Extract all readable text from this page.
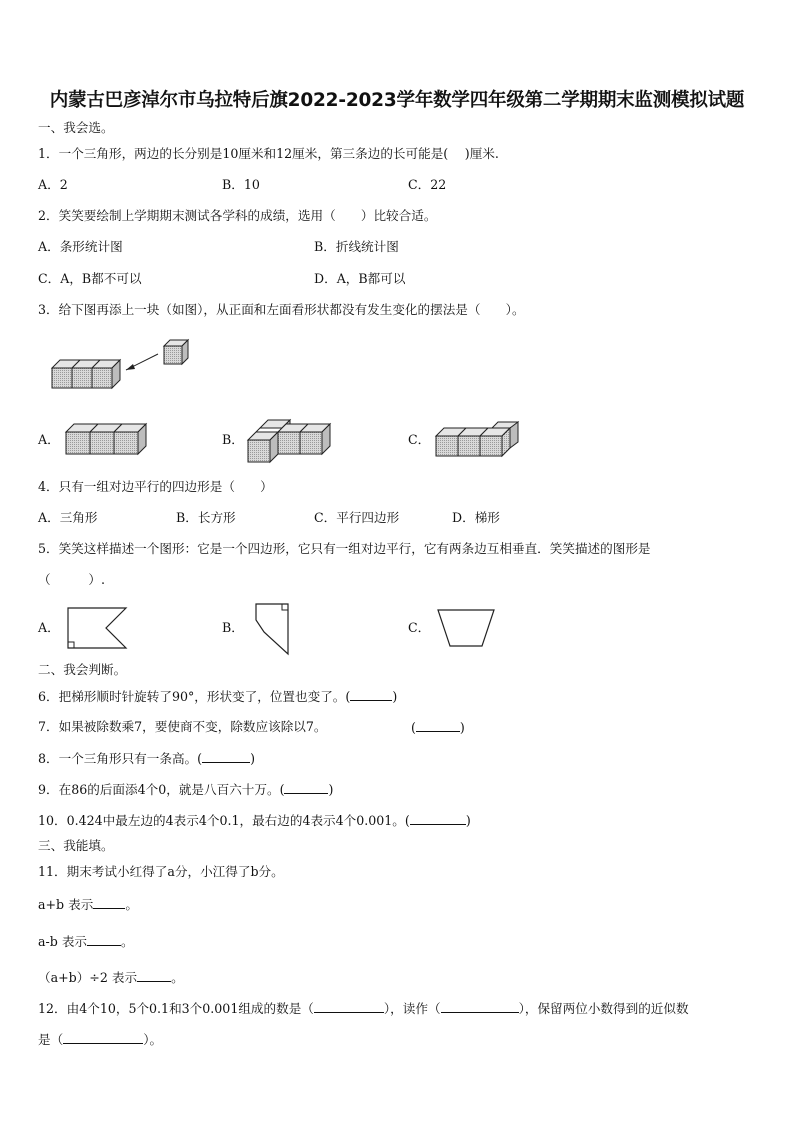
内蒙古巴彦淖尔市乌拉特后旗2022-2023学年数学四年级第二学期期末监测模拟试题
一、我会选。
1．一个三角形，两边的长分别是10厘米和12厘米，第三条边的长可能是(　 )厘米.
A．2	B．10	C．22
2．笑笑要绘制上学期期末测试各学科的成绩，选用（　　）比较合适。
A．条形统计图	B．折线统计图
C．A，B都不可以	D．A，B都可以
3．给下图再添上一块（如图），从正面和左面看形状都没有发生变化的摆法是（　　）。
A．	B．	C．
4．只有一组对边平行的四边形是（　　）
A．三角形	B．长方形	C．平行四边形	D．梯形
5．笑笑这样描述一个图形：它是一个四边形，它只有一组对边平行，它有两条边互相垂直．笑笑描述的图形是
（　　　）.
A．	B．	C．
二、我会判断。
6．把梯形顺时针旋转了90°，形状变了，位置也变了。(	)
7．如果被除数乘7，要使商不变，除数应该除以7。	(	)
8．一个三角形只有一条高。(	)
9．在86的后面添4个0，就是八百六十万。(	)
10．0.424中最左边的4表示4个0.1，最右边的4表示4个0.001。(	)
三、我能填。
11．期末考试小红得了a分，小江得了b分。
a+b 表示	。
a-b 表示	。
（a+b）÷2 表示	。
12．由4个10，5个0.1和3个0.001组成的数是（	），读作（	），保留两位小数得到的近似数
是（	）。
